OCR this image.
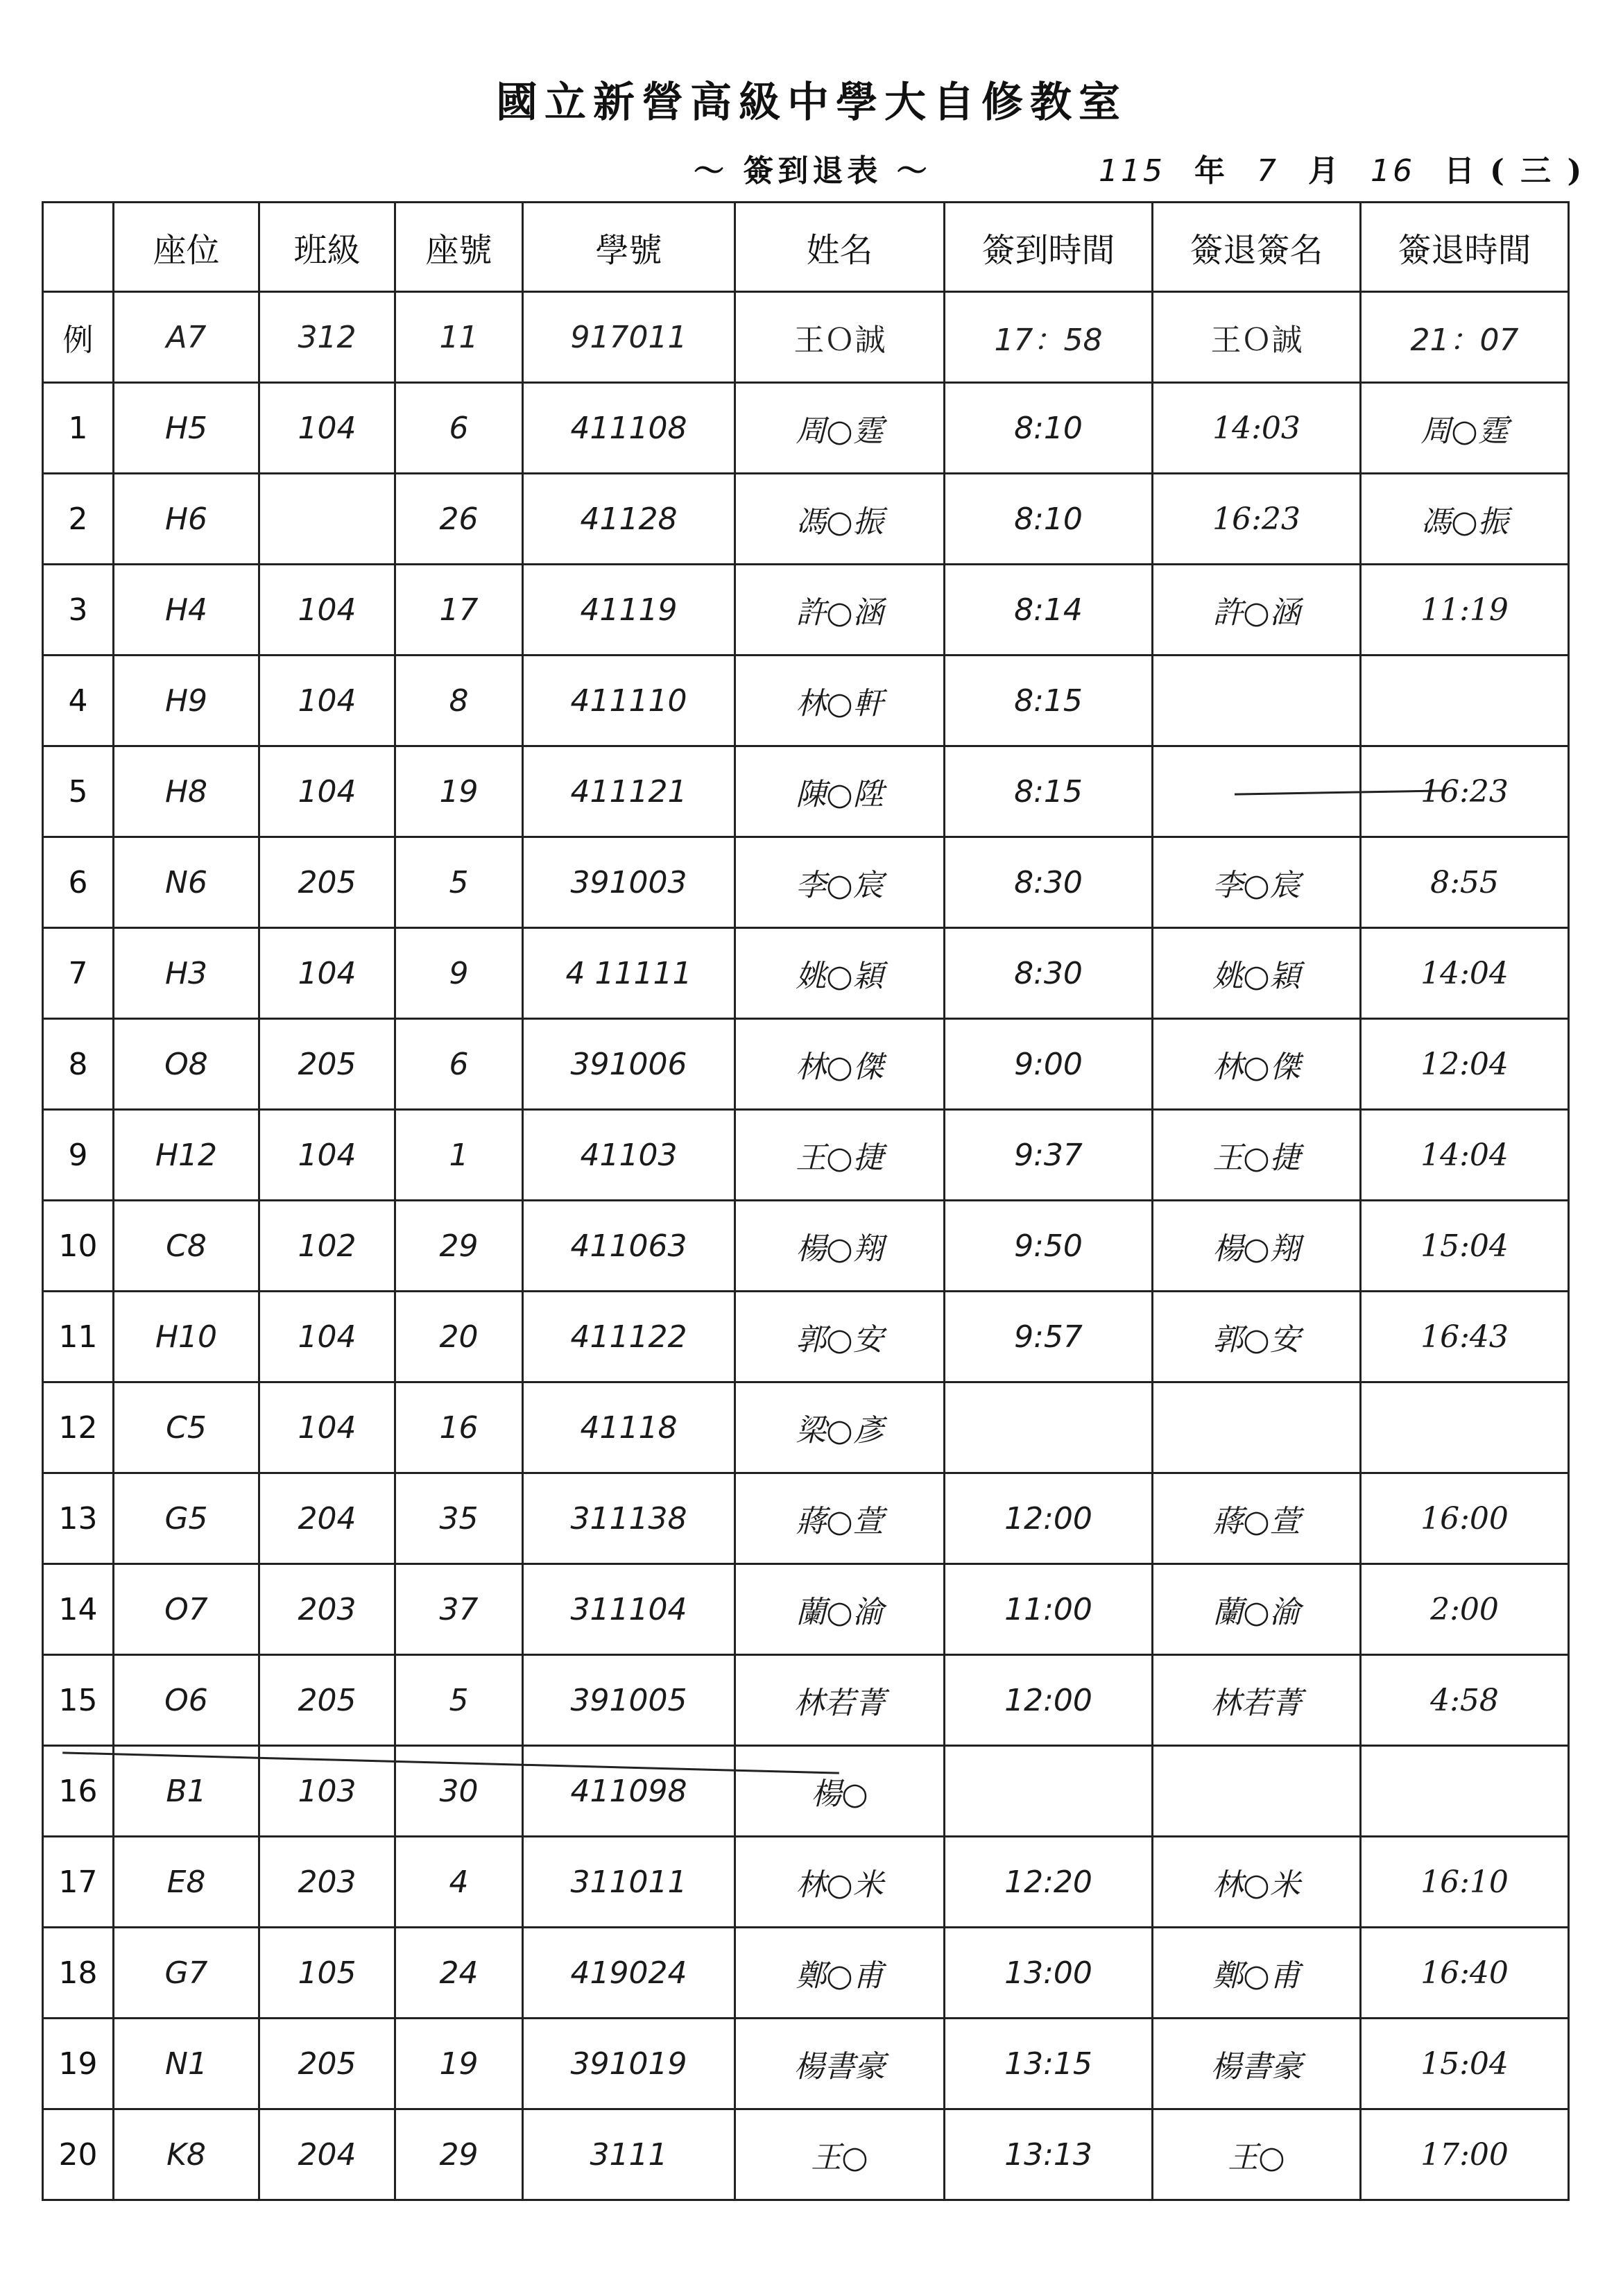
國立新營高級中學大自修教室
～ 簽到退表 ～	115 年 7 月 16 日 ( 三 )
	座位	班級	座號	學號	姓名	簽到時間	簽退簽名	簽退時間
例	A7	312	11	917011	王Ｏ誠	17：58	王Ｏ誠	21：07
1	H5	104	6	411108	周○霆	8:10	14:03	周○霆
2	H6		26	41128	馮○振	8:10	16:23	馮○振
3	H4	104	17	41119	許○涵	8:14	許○涵	11:19
4	H9	104	8	411110	林○軒	8:15		
5	H8	104	19	411121	陳○陞	8:15		16:23
6	N6	205	5	391003	李○宸	8:30	李○宸	8:55
7	H3	104	9	4 11111	姚○穎	8:30	姚○穎	14:04
8	O8	205	6	391006	林○傑	9:00	林○傑	12:04
9	H12	104	1	41103	王○捷	9:37	王○捷	14:04
10	C8	102	29	411063	楊○翔	9:50	楊○翔	15:04
11	H10	104	20	411122	郭○安	9:57	郭○安	16:43
12	C5	104	16	41118	梁○彥			
13	G5	204	35	311138	蔣○萱	12:00	蔣○萱	16:00
14	O7	203	37	311104	蘭○渝	11:00	蘭○渝	2:00
15	O6	205	5	391005	林若菁	12:00	林若菁	4:58
16	B1	103	30	411098	楊○			
17	E8	203	4	311011	林○米	12:20	林○米	16:10
18	G7	105	24	419024	鄭○甫	13:00	鄭○甫	16:40
19	N1	205	19	391019	楊書豪	13:15	楊書豪	15:04
20	K8	204	29	3111	王○	13:13	王○	17:00
